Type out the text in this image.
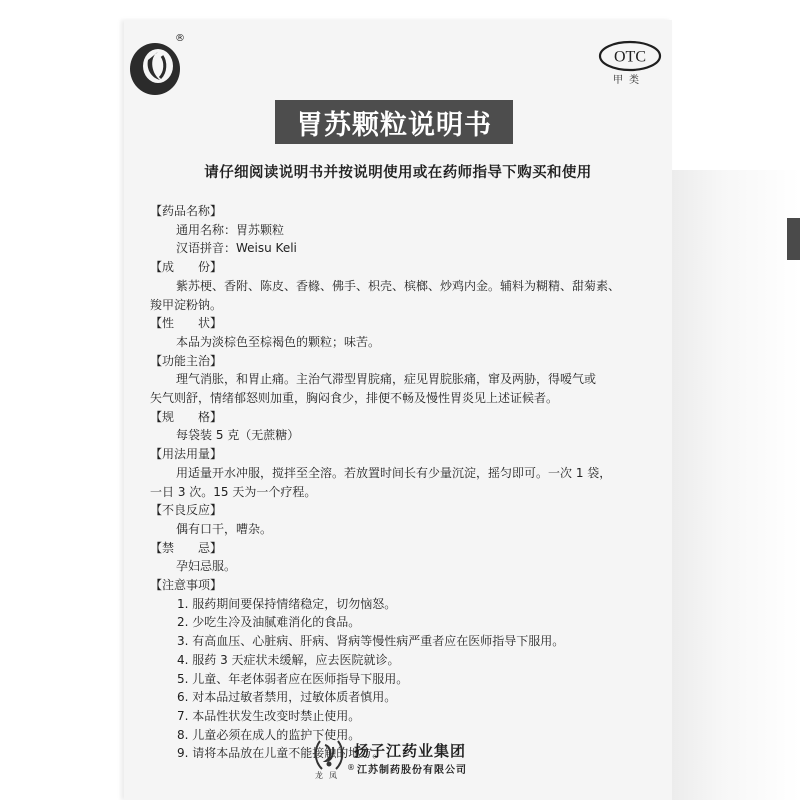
®
OTC
甲类
胃苏颗粒说明书
请仔细阅读说明书并按说明使用或在药师指导下购买和使用
【药品名称】
通用名称：胃苏颗粒
汉语拼音：Weisu Keli
【成　　份】
紫苏梗、香附、陈皮、香橼、佛手、枳壳、槟榔、炒鸡内金。辅料为糊精、甜菊素、
羧甲淀粉钠。
【性　　状】
本品为淡棕色至棕褐色的颗粒；味苦。
【功能主治】
理气消胀，和胃止痛。主治气滞型胃脘痛，症见胃脘胀痛，窜及两胁，得嗳气或
矢气则舒，情绪郁怒则加重，胸闷食少，排便不畅及慢性胃炎见上述证候者。
【规　　格】
每袋装 5 克（无蔗糖）
【用法用量】
用适量开水冲服，搅拌至全溶。若放置时间长有少量沉淀，摇匀即可。一次 1 袋，
一日 3 次。15 天为一个疗程。
【不良反应】
偶有口干，嘈杂。
【禁　　忌】
孕妇忌服。
【注意事项】
1. 服药期间要保持情绪稳定，切勿恼怒。
2. 少吃生冷及油腻难消化的食品。
3. 有高血压、心脏病、肝病、肾病等慢性病严重者应在医师指导下服用。
4. 服药 3 天症状未缓解，应去医院就诊。
5. 儿童、年老体弱者应在医师指导下服用。
6. 对本品过敏者禁用，过敏体质者慎用。
7. 本品性状发生改变时禁止使用。
8. 儿童必须在成人的监护下使用。
9. 请将本品放在儿童不能接触的地方。
龙凤
®
扬子江药业集团
江苏制药股份有限公司
